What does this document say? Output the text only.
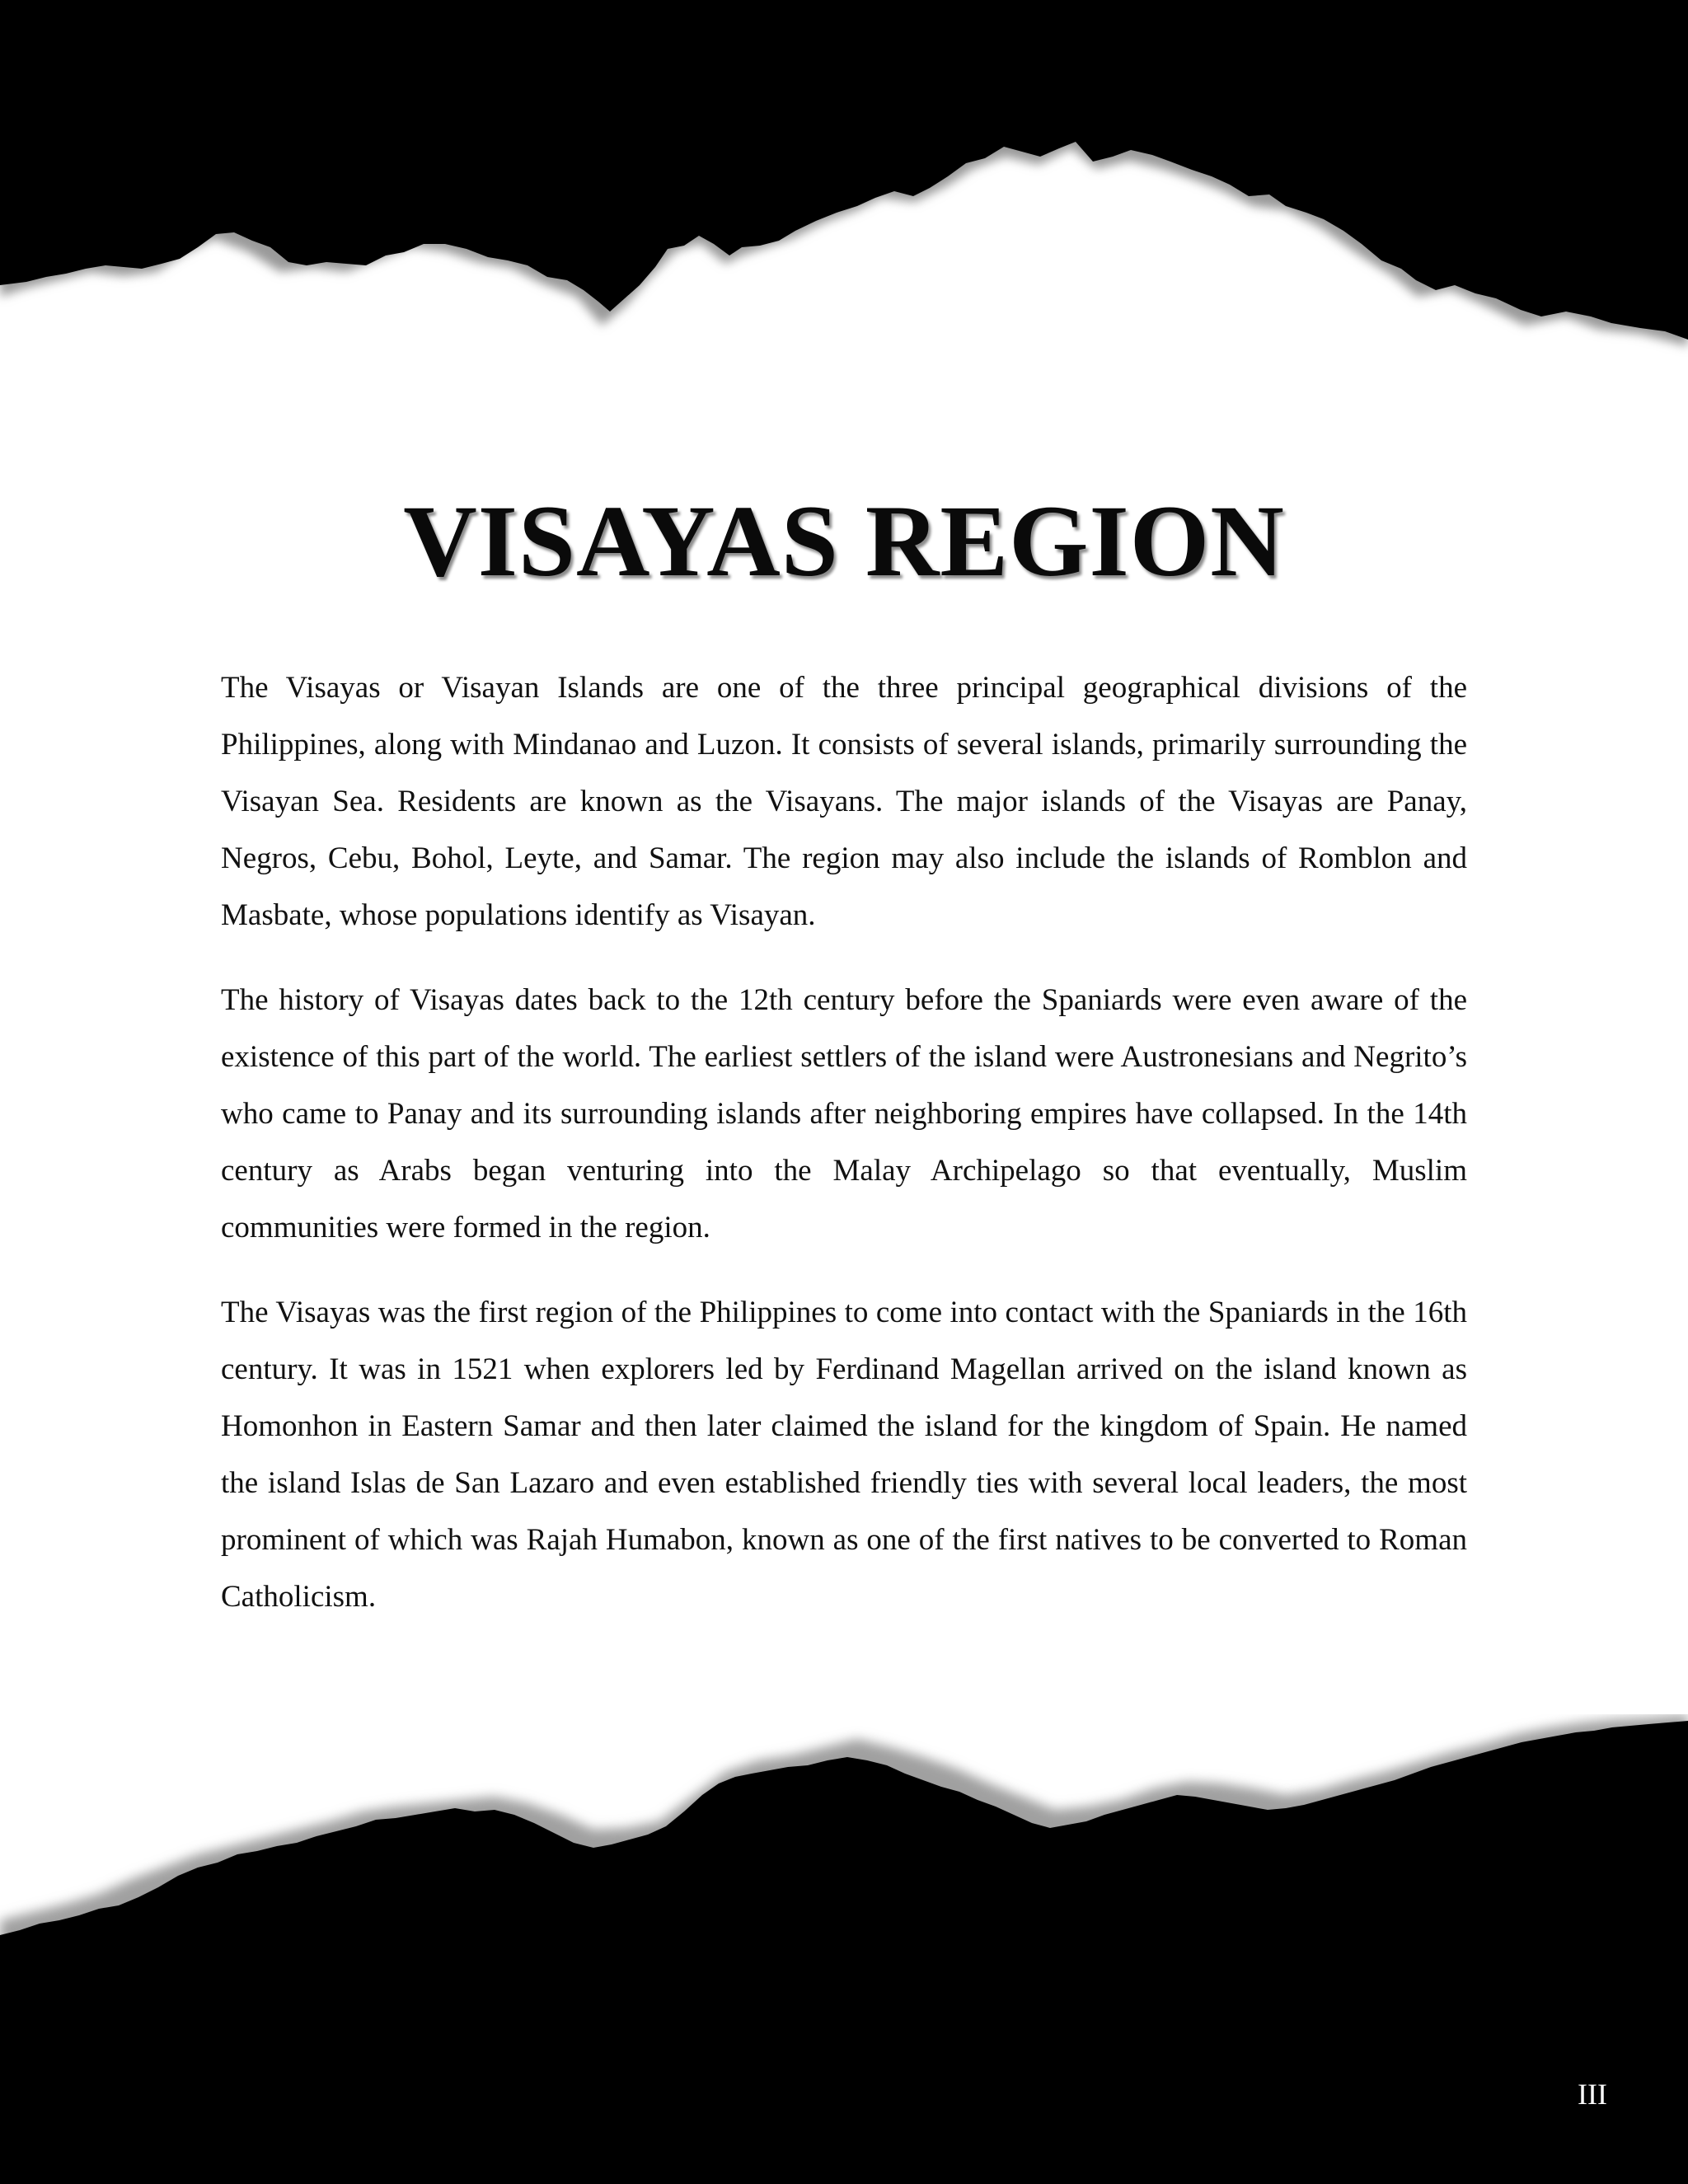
VISAYAS REGION

The Visayas or Visayan Islands are one of the three principal geographical divisions of the Philippines, along with Mindanao and Luzon. It consists of several islands, primarily surrounding the Visayan Sea. Residents are known as the Visayans. The major islands of the Visayas are Panay, Negros, Cebu, Bohol, Leyte, and Samar. The region may also include the islands of Romblon and Masbate, whose populations identify as Visayan.

The history of Visayas dates back to the 12th century before the Spaniards were even aware of the existence of this part of the world. The earliest settlers of the island were Austronesians and Negrito’s who came to Panay and its surrounding islands after neighboring empires have collapsed. In the 14th century as Arabs began venturing into the Malay Archipelago so that eventually, Muslim communities were formed in the region.

The Visayas was the first region of the Philippines to come into contact with the Spaniards in the 16th century. It was in 1521 when explorers led by Ferdinand Magellan arrived on the island known as Homonhon in Eastern Samar and then later claimed the island for the kingdom of Spain. He named the island Islas de San Lazaro and even established friendly ties with several local leaders, the most prominent of which was Rajah Humabon, known as one of the first natives to be converted to Roman Catholicism.

III
